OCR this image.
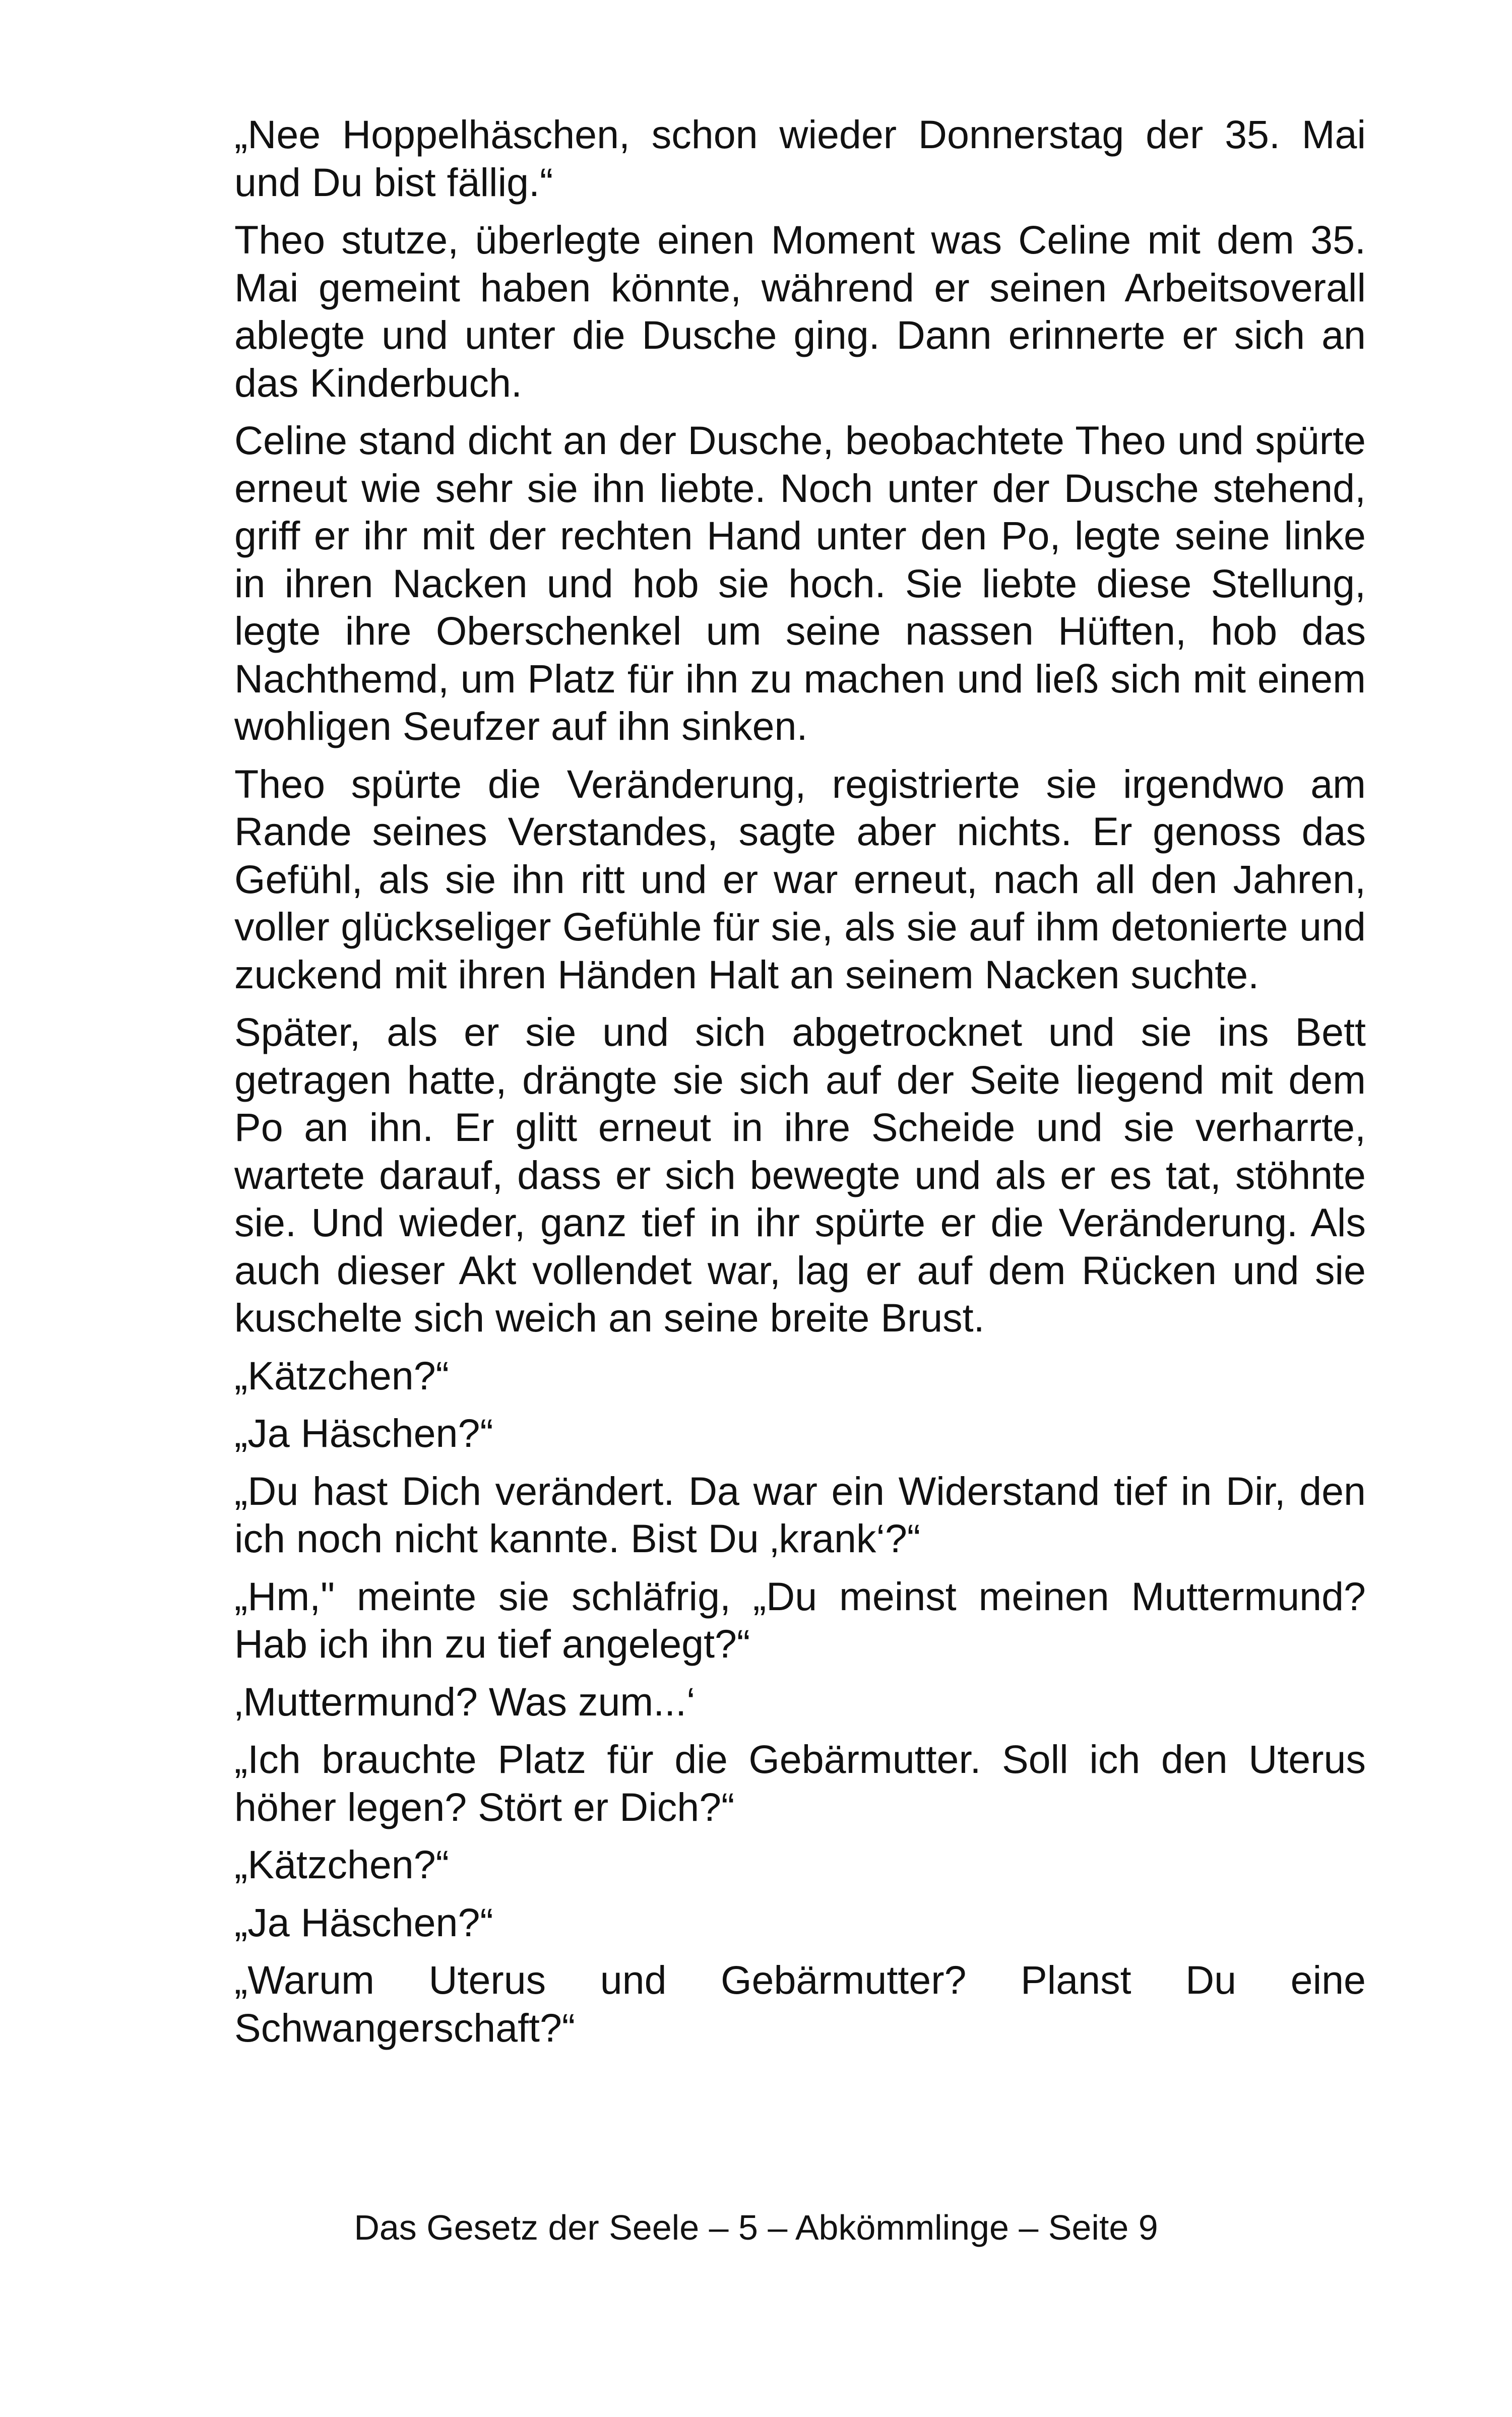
„Nee Hoppelhäschen, schon wieder Donnerstag der 35. Mai und Du bist fällig.“

Theo stutze, überlegte einen Moment was Celine mit dem 35. Mai gemeint haben könnte, während er seinen Arbeitsoverall ablegte und unter die Dusche ging. Dann erinnerte er sich an das Kinderbuch.

Celine stand dicht an der Dusche, beobachtete Theo und spürte erneut wie sehr sie ihn liebte. Noch unter der Dusche stehend, griff er ihr mit der rechten Hand unter den Po, legte seine linke in ihren Nacken und hob sie hoch. Sie liebte diese Stellung, legte ihre Oberschenkel um seine nassen Hüften, hob das Nachthemd, um Platz für ihn zu machen und ließ sich mit einem wohligen Seufzer auf ihn sinken.

Theo spürte die Veränderung, registrierte sie irgendwo am Rande seines Verstandes, sagte aber nichts. Er genoss das Gefühl, als sie ihn ritt und er war erneut, nach all den Jahren, voller glückseliger Gefühle für sie, als sie auf ihm detonierte und zuckend mit ihren Händen Halt an seinem Nacken suchte.

Später, als er sie und sich abgetrocknet und sie ins Bett getragen hatte, drängte sie sich auf der Seite liegend mit dem Po an ihn. Er glitt erneut in ihre Scheide und sie verharrte, wartete darauf, dass er sich bewegte und als er es tat, stöhnte sie. Und wieder, ganz tief in ihr spürte er die Veränderung. Als auch dieser Akt vollendet war, lag er auf dem Rücken und sie kuschelte sich weich an seine breite Brust.

„Kätzchen?“

„Ja Häschen?“

„Du hast Dich verändert. Da war ein Widerstand tief in Dir, den ich noch nicht kannte. Bist Du ‚krank‘?“

„Hm," meinte sie schläfrig, „Du meinst meinen Muttermund? Hab ich ihn zu tief angelegt?“

‚Muttermund? Was zum...‘

„Ich brauchte Platz für die Gebärmutter. Soll ich den Uterus höher legen? Stört er Dich?“

„Kätzchen?“

„Ja Häschen?“

„Warum Uterus und Gebärmutter? Planst Du eine Schwangerschaft?“

Das Gesetz der Seele – 5 – Abkömmlinge – Seite 9
